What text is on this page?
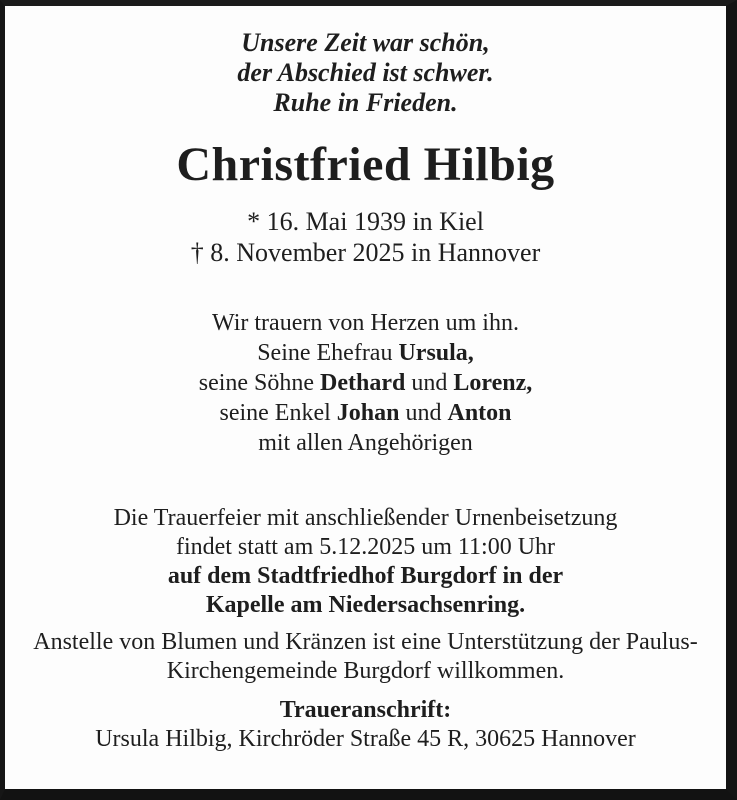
Unsere Zeit war schön,
der Abschied ist schwer.
Ruhe in Frieden.
Christfried Hilbig
* 16. Mai 1939 in Kiel
† 8. November 2025 in Hannover
Wir trauern von Herzen um ihn.
Seine Ehefrau Ursula,
seine Söhne Dethard und Lorenz,
seine Enkel Johan und Anton
mit allen Angehörigen
Die Trauerfeier mit anschließender Urnenbeisetzung
findet statt am 5.12.2025 um 11:00 Uhr
auf dem Stadtfriedhof Burgdorf in der
Kapelle am Niedersachsenring.
Anstelle von Blumen und Kränzen ist eine Unterstützung der Paulus-
Kirchengemeinde Burgdorf willkommen.
Traueranschrift:
Ursula Hilbig, Kirchröder Straße 45 R, 30625 Hannover
